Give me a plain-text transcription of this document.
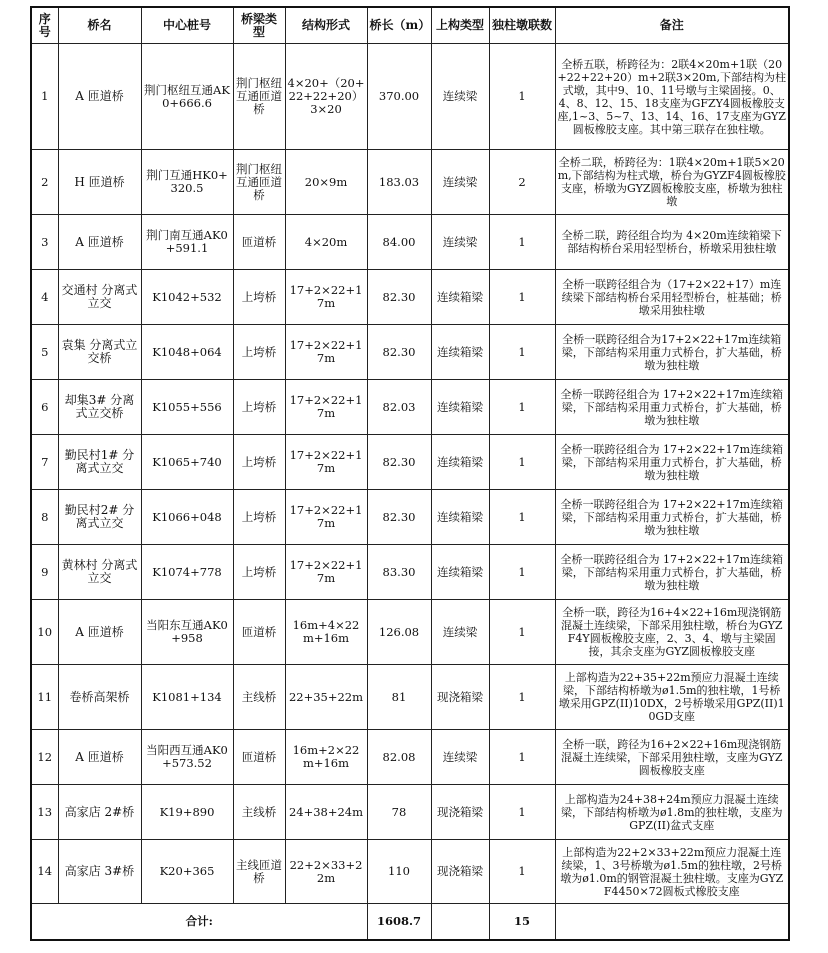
序号	桥名	中心桩号	桥梁类型	结构形式	桥长（m）	上构类型	独柱墩联数	备注
1	A 匝道桥	荆门枢纽互通AK0+666.6	荆门枢纽互通匝道桥	4×20+（20+22+22+20）3×20	370.00	连续梁	1	全桥五联，桥跨径为：2联4×20m+1联（20+22+22+20）m+2联3×20m,下部结构为柱式墩，其中9、10、11号墩与主梁固接。0、4、8、12、15、18支座为GFZY4圆板橡胶支座,1~3、5~7、13、14、16、17支座为GYZ圆板橡胶支座。其中第三联存在独柱墩。
2	H 匝道桥	荆门互通HK0+320.5	荆门枢纽互通匝道桥	20×9m	183.03	连续梁	2	全桥二联，桥跨径为：1联4×20m+1联5×20m,下部结构为柱式墩，桥台为GYZF4圆板橡胶支座，桥墩为GYZ圆板橡胶支座，桥墩为独柱墩
3	A 匝道桥	荆门南互通AK0+591.1	匝道桥	4×20m	84.00	连续梁	1	全桥二联，跨径组合均为 4×20m连续箱梁下部结构桥台采用轻型桥台，桥墩采用独柱墩
4	交通村 分离式立交	K1042+532	上垮桥	17+2×22+17m	82.30	连续箱梁	1	全桥一联跨径组合为（17+2×22+17）m连续梁下部结构桥台采用轻型桥台，桩基础；桥墩采用独柱墩
5	袁集 分离式立交桥	K1048+064	上垮桥	17+2×22+17m	82.30	连续箱梁	1	全桥一联跨径组合为17+2×22+17m连续箱梁，下部结构采用重力式桥台，扩大基础，桥墩为独柱墩
6	却集3# 分离式立交桥	K1055+556	上垮桥	17+2×22+17m	82.03	连续箱梁	1	全桥一联跨径组合为 17+2×22+17m连续箱梁，下部结构采用重力式桥台，扩大基础，桥墩为独柱墩
7	勤民村1# 分离式立交	K1065+740	上垮桥	17+2×22+17m	82.30	连续箱梁	1	全桥一联跨径组合为 17+2×22+17m连续箱梁，下部结构采用重力式桥台，扩大基础，桥墩为独柱墩
8	勤民村2# 分离式立交	K1066+048	上垮桥	17+2×22+17m	82.30	连续箱梁	1	全桥一联跨径组合为 17+2×22+17m连续箱梁，下部结构采用重力式桥台，扩大基础，桥墩为独柱墩
9	黄林村 分离式立交	K1074+778	上垮桥	17+2×22+17m	83.30	连续箱梁	1	全桥一联跨径组合为 17+2×22+17m连续箱梁，下部结构采用重力式桥台，扩大基础，桥墩为独柱墩
10	A 匝道桥	当阳东互通AK0+958	匝道桥	16m+4×22m+16m	126.08	连续梁	1	全桥一联，跨径为16+4×22+16m现浇钢筋混凝土连续梁，下部采用独柱墩，桥台为GYZF4Y圆板橡胶支座，2、3、4、墩与主梁固接，其余支座为GYZ圆板橡胶支座
11	卷桥高架桥	K1081+134	主线桥	22+35+22m	81	现浇箱梁	1	上部构造为22+35+22m预应力混凝土连续梁，下部结构桥墩为ø1.5m的独柱墩，1号桥墩采用GPZ(II)10DX，2号桥墩采用GPZ(II)10GD支座
12	A 匝道桥	当阳西互通AK0+573.52	匝道桥	16m+2×22m+16m	82.08	连续梁	1	全桥一联，跨径为16+2×22+16m现浇钢筋混凝土连续梁，下部采用独柱墩，支座为GYZ圆板橡胶支座
13	高家店 2#桥	K19+890	主线桥	24+38+24m	78	现浇箱梁	1	上部构造为24+38+24m预应力混凝土连续梁，下部结构桥墩为ø1.8m的独柱墩，支座为GPZ(II)盆式支座
14	高家店 3#桥	K20+365	主线匝道桥	22+2×33+22m	110	现浇箱梁	1	上部构造为22+2×33+22m预应力混凝土连续梁，1、3号桥墩为ø1.5m的独柱墩，2号桥墩为ø1.0m的钢管混凝土独柱墩。支座为GYZF4450×72圆板式橡胶支座
合计:					1608.7		15	
